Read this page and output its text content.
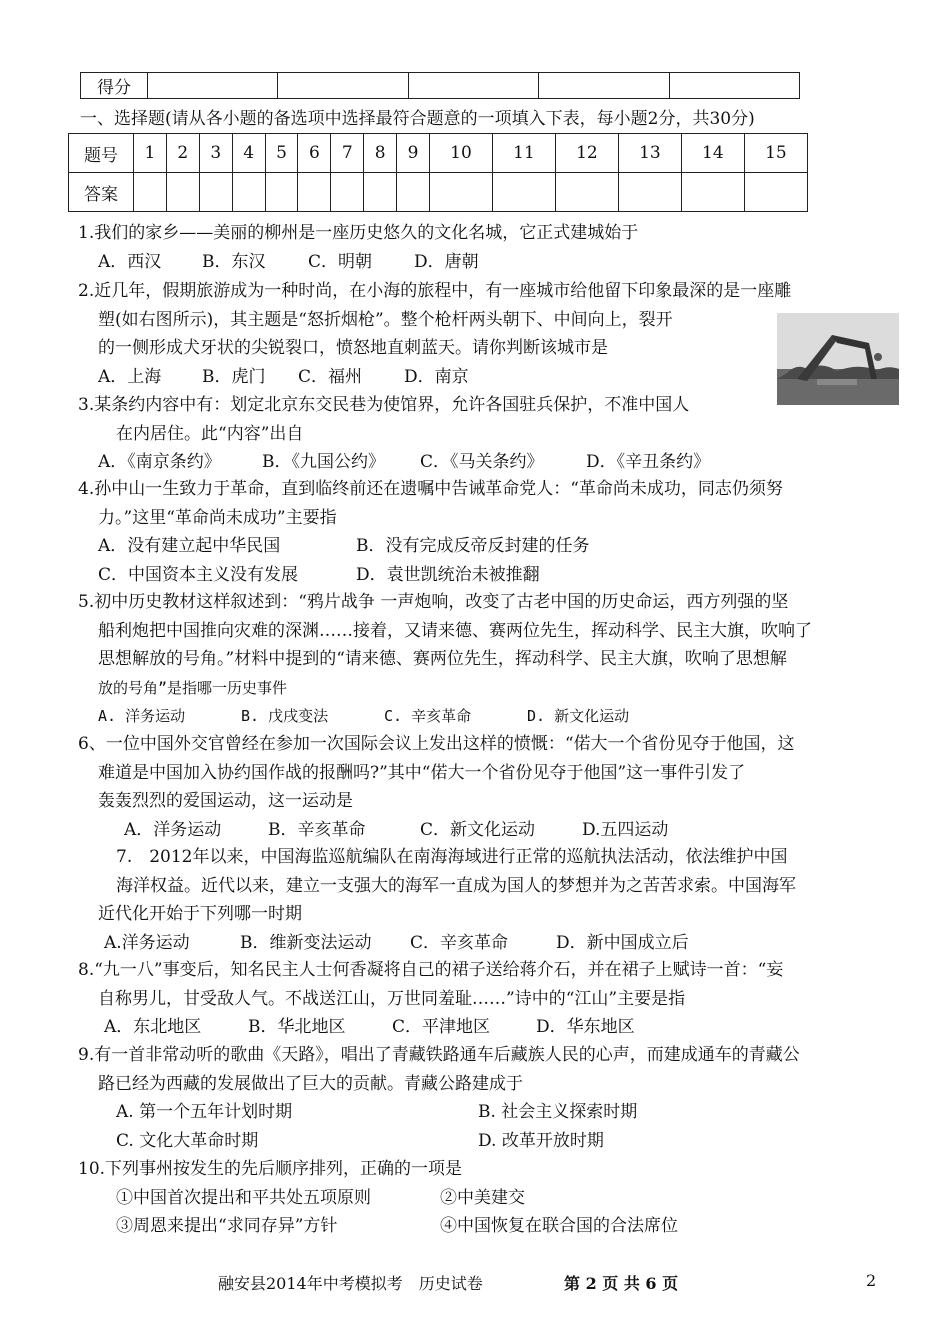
得分					
一、选择题(请从各小题的备选项中选择最符合题意的一项填入下表，每小题2分，共30分)
题号	1	2	3	4	5	6	7	8	9	10	11	12	13	14	15
答案															

1.我们的家乡——美丽的柳州是一座历史悠久的文化名城，它正式建城始于

A．西汉 B．东汉	C．明朝 D．唐朝

2.近几年，假期旅游成为一种时尚，在小海的旅程中，有一座城市给他留下印象最深的是一座雕

塑(如右图所示)，其主题是“怒折烟枪”。整个枪杆两头朝下、中间向上，裂开

的一侧形成犬牙状的尖锐裂口，愤怒地直刺蓝天。请你判断该城市是

A．上海 B．虎门 C．福州 D．南京

3.某条约内容中有：划定北京东交民巷为使馆界，允许各国驻兵保护，不准中国人

在内居住。此“内容”出自

A．《南京条约》 B．《九国公约》 C．《马关条约》 D．《辛丑条约》

4.孙中山一生致力于革命，直到临终前还在遗嘱中告诫革命党人：“革命尚未成功，同志仍须努

力。”这里“革命尚未成功”主要指

A．没有建立起中华民国	B．没有完成反帝反封建的任务

C．中国资本主义没有发展	D．袁世凯统治未被推翻

5.初中历史教材这样叙述到：“鸦片战争 一声炮响，改变了古老中国的历史命运，西方列强的坚

船利炮把中国推向灾难的深渊……接着，又请来德、赛两位先生，挥动科学、民主大旗，吹响了

思想解放的号角。”材料中提到的“请来德、赛两位先生，挥动科学、民主大旗，吹响了思想解

放的号角”是指哪一历史事件

A. 洋务运动	B. 戊戌变法	C. 辛亥革命	D. 新文化运动

6、一位中国外交官曾经在参加一次国际会议上发出这样的愤慨：“偌大一个省份见夺于他国，这

难道是中国加入协约国作战的报酬吗?”其中“偌大一个省份见夺于他国”这一事件引发了

轰轰烈烈的爱国运动，这一运动是

A．洋务运动	B．辛亥革命	C．新文化运动	D.五四运动

7.　2012年以来，中国海监巡航编队在南海海域进行正常的巡航执法活动，依法维护中国

海洋权益。近代以来，建立一支强大的海军一直成为国人的梦想并为之苦苦求索。中国海军

近代化开始于下列哪一时期

A.洋务运动	B．维新变法运动 C．辛亥革命	D．新中国成立后

8.“九一八”事变后，知名民主人士何香凝将自己的裙子送给蒋介石，并在裙子上赋诗一首：“妄

自称男儿，甘受敌人气。不战送江山，万世同羞耻……”诗中的“江山”主要是指

A．东北地区	B．华北地区	C．平津地区	D．华东地区

9.有一首非常动听的歌曲《天路》，唱出了青藏铁路通车后藏族人民的心声，而建成通车的青藏公

路已经为西藏的发展做出了巨大的贡献。青藏公路建成于

A. 第一个五年计划时期	B. 社会主义探索时期

C. 文化大革命时期	D. 改革开放时期

10.下列事州按发生的先后顺序排列，正确的一项是

①中国首次提出和平共处五项原则	②中美建交

③周恩来提出“求同存异”方针	④中国恢复在联合国的合法席位

融安县2014年中考模拟考　历史试卷	第 2 页 共 6 页	2
